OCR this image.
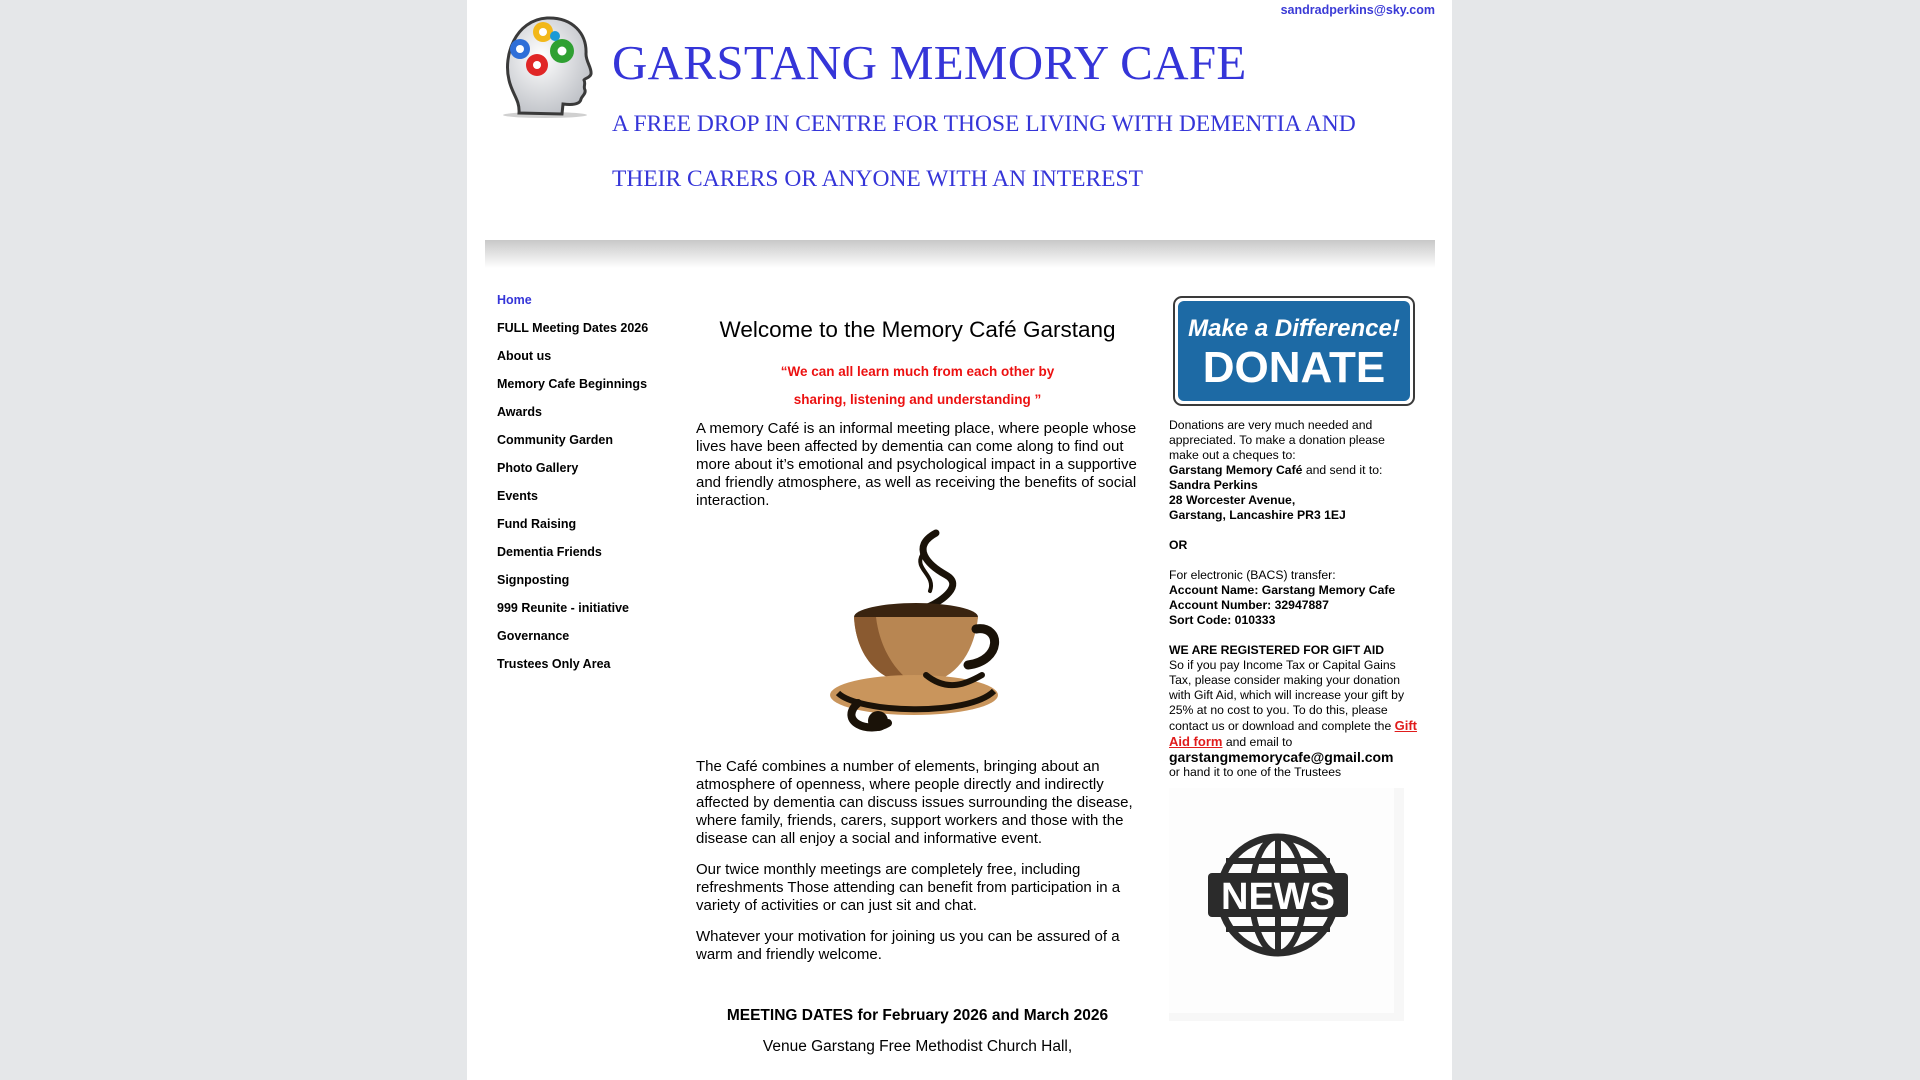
sandradperkins@sky.com
GARSTANG MEMORY CAFE
A FREE DROP IN CENTRE FOR THOSE LIVING WITH DEMENTIA AND
THEIR CARERS OR ANYONE WITH AN INTEREST
Home
FULL Meeting Dates 2026
About us
Memory Cafe Beginnings
Awards
Community Garden
Photo Gallery
Events
Fund Raising
Dementia Friends
Signposting
999 Reunite - initiative
Governance
Trustees Only Area
Welcome to the Memory Café Garstang
“We can all learn much from each other by
sharing, listening and understanding ”

A memory Café is an informal meeting place, where people whose lives have been affected by dementia can come along to find out more about it’s emotional and psychological impact in a supportive and friendly atmosphere, as well as receiving the benefits of social interaction.

The Café combines a number of elements, bringing about an atmosphere of openness, where people directly and indirectly affected by dementia can discuss issues surrounding the disease, where family, friends, carers, support workers and those with the disease can all enjoy a social and informative event.

Our twice monthly meetings are completely free, including refreshments Those attending can benefit from participation in a variety of activities or can just sit and chat.

Whatever your motivation for joining us you can be assured of a warm and friendly welcome.

MEETING DATES for February 2026 and March 2026
Venue Garstang Free Methodist Church Hall,
Make a Difference!
DONATE
Donations are very much needed and appreciated. To make a donation please make out a cheques to:
Garstang Memory Café and send it to:
Sandra Perkins
28 Worcester Avenue,
Garstang, Lancashire PR3 1EJ
OR
For electronic (BACS) transfer:
Account Name: Garstang Memory Cafe
Account Number: 32947887
Sort Code: 010333
WE ARE REGISTERED FOR GIFT AID
So if you pay Income Tax or Capital Gains Tax, please consider making your donation with Gift Aid, which will increase your gift by 25% at no cost to you. To do this, please contact us or download and complete the Gift Aid form and email to
garstangmemorycafe@gmail.com
or hand it to one of the Trustees
NEWS
